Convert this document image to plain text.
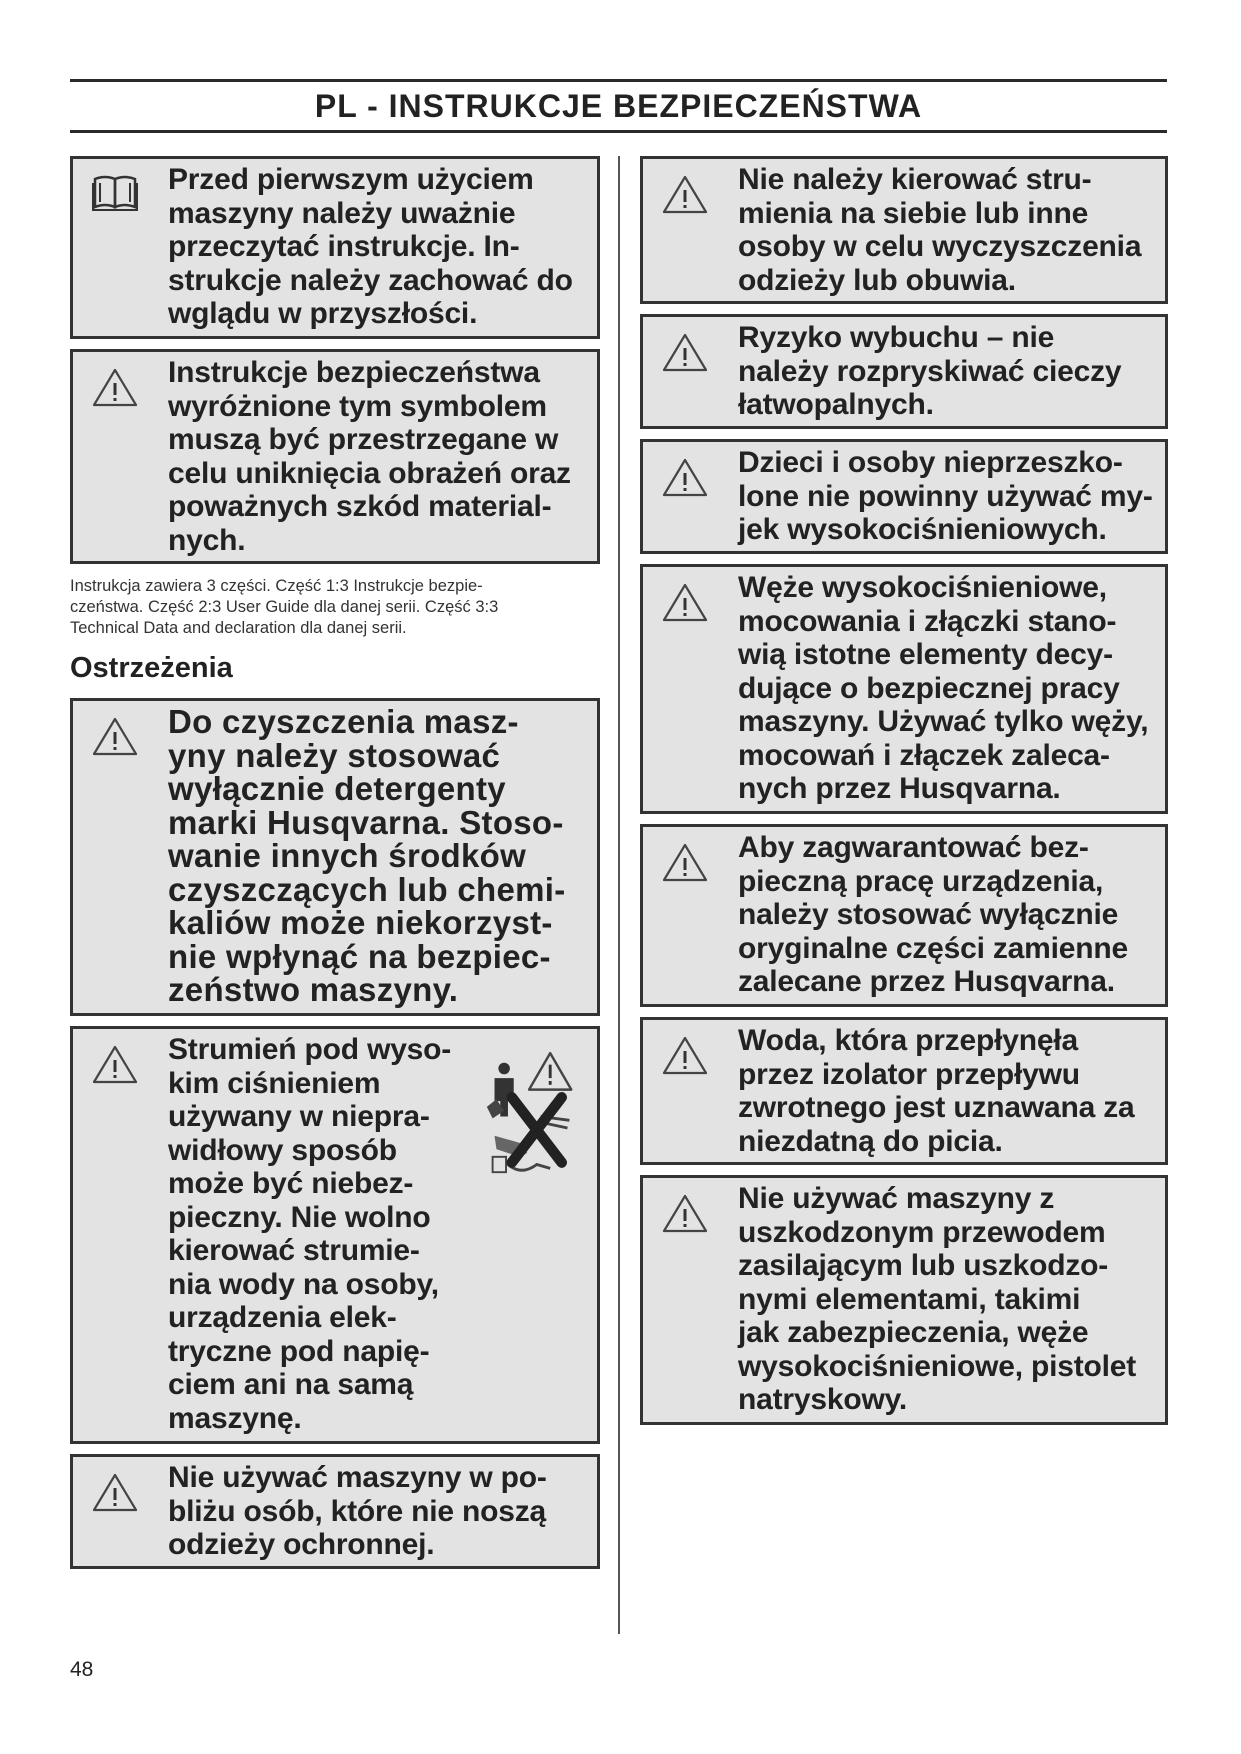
PL - INSTRUKCJE BEZPIECZEŃSTWA
Przed pierwszym użyciem
maszyny należy uważnie
przeczytać instrukcje. In-
strukcje należy zachować do
wglądu w przyszłości.
Instrukcje bezpieczeństwa
wyróżnione tym symbolem
muszą być przestrzegane w
celu uniknięcia obrażeń oraz
poważnych szkód material-
nych.
Instrukcja zawiera 3 części. Część 1:3 Instrukcje bezpie-
czeństwa. Część 2:3 User Guide dla danej serii. Część 3:3
Technical Data and declaration dla danej serii.
Ostrzeżenia
Do czyszczenia masz-
yny należy stosować
wyłącznie detergenty
marki Husqvarna. Stoso-
wanie innych środków
czyszczących lub chemi-
kaliów może niekorzyst-
nie wpłynąć na bezpiec-
zeństwo maszyny.
Strumień pod wyso-
kim ciśnieniem
używany w niepra-
widłowy sposób
może być niebez-
pieczny. Nie wolno
kierować strumie-
nia wody na osoby,
urządzenia elek-
tryczne pod napię-
ciem ani na samą
maszynę.
Nie używać maszyny w po-
bliżu osób, które nie noszą
odzieży ochronnej.
Nie należy kierować stru-
mienia na siebie lub inne
osoby w celu wyczyszczenia
odzieży lub obuwia.
Ryzyko wybuchu – nie
należy rozpryskiwać cieczy
łatwopalnych.
Dzieci i osoby nieprzeszko-
lone nie powinny używać my-
jek wysokociśnieniowych.
Węże wysokociśnieniowe,
mocowania i złączki stano-
wią istotne elementy decy-
dujące o bezpiecznej pracy
maszyny. Używać tylko węży,
mocowań i złączek zaleca-
nych przez Husqvarna.
Aby zagwarantować bez-
pieczną pracę urządzenia,
należy stosować wyłącznie
oryginalne części zamienne
zalecane przez Husqvarna.
Woda, która przepłynęła
przez izolator przepływu
zwrotnego jest uznawana za
niezdatną do picia.
Nie używać maszyny z
uszkodzonym przewodem
zasilającym lub uszkodzo-
nymi elementami, takimi
jak zabezpieczenia, węże
wysokociśnieniowe, pistolet
natryskowy.
48
